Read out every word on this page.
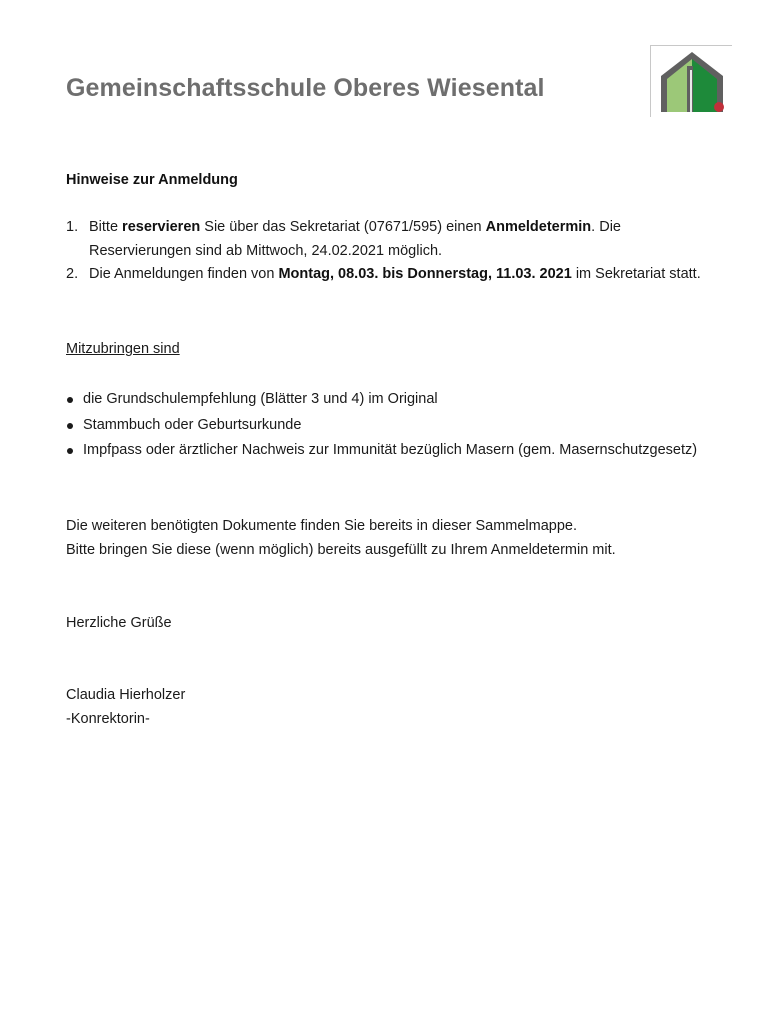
Gemeinschaftsschule Oberes Wiesental
Hinweise zur Anmeldung
1. Bitte reservieren Sie über das Sekretariat (07671/595) einen Anmeldetermin. Die Reservierungen sind ab Mittwoch, 24.02.2021 möglich.
2. Die Anmeldungen finden von Montag, 08.03. bis Donnerstag, 11.03. 2021 im Sekretariat statt.

Mitzubringen sind

die Grundschulempfehlung (Blätter 3 und 4) im Original
Stammbuch oder Geburtsurkunde
Impfpass oder ärztlicher Nachweis zur Immunität bezüglich Masern (gem. Masernschutzgesetz)

Die weiteren benötigten Dokumente finden Sie bereits in dieser Sammelmappe.
Bitte bringen Sie diese (wenn möglich) bereits ausgefüllt zu Ihrem Anmeldetermin mit.

Herzliche Grüße

Claudia Hierholzer
-Konrektorin-
